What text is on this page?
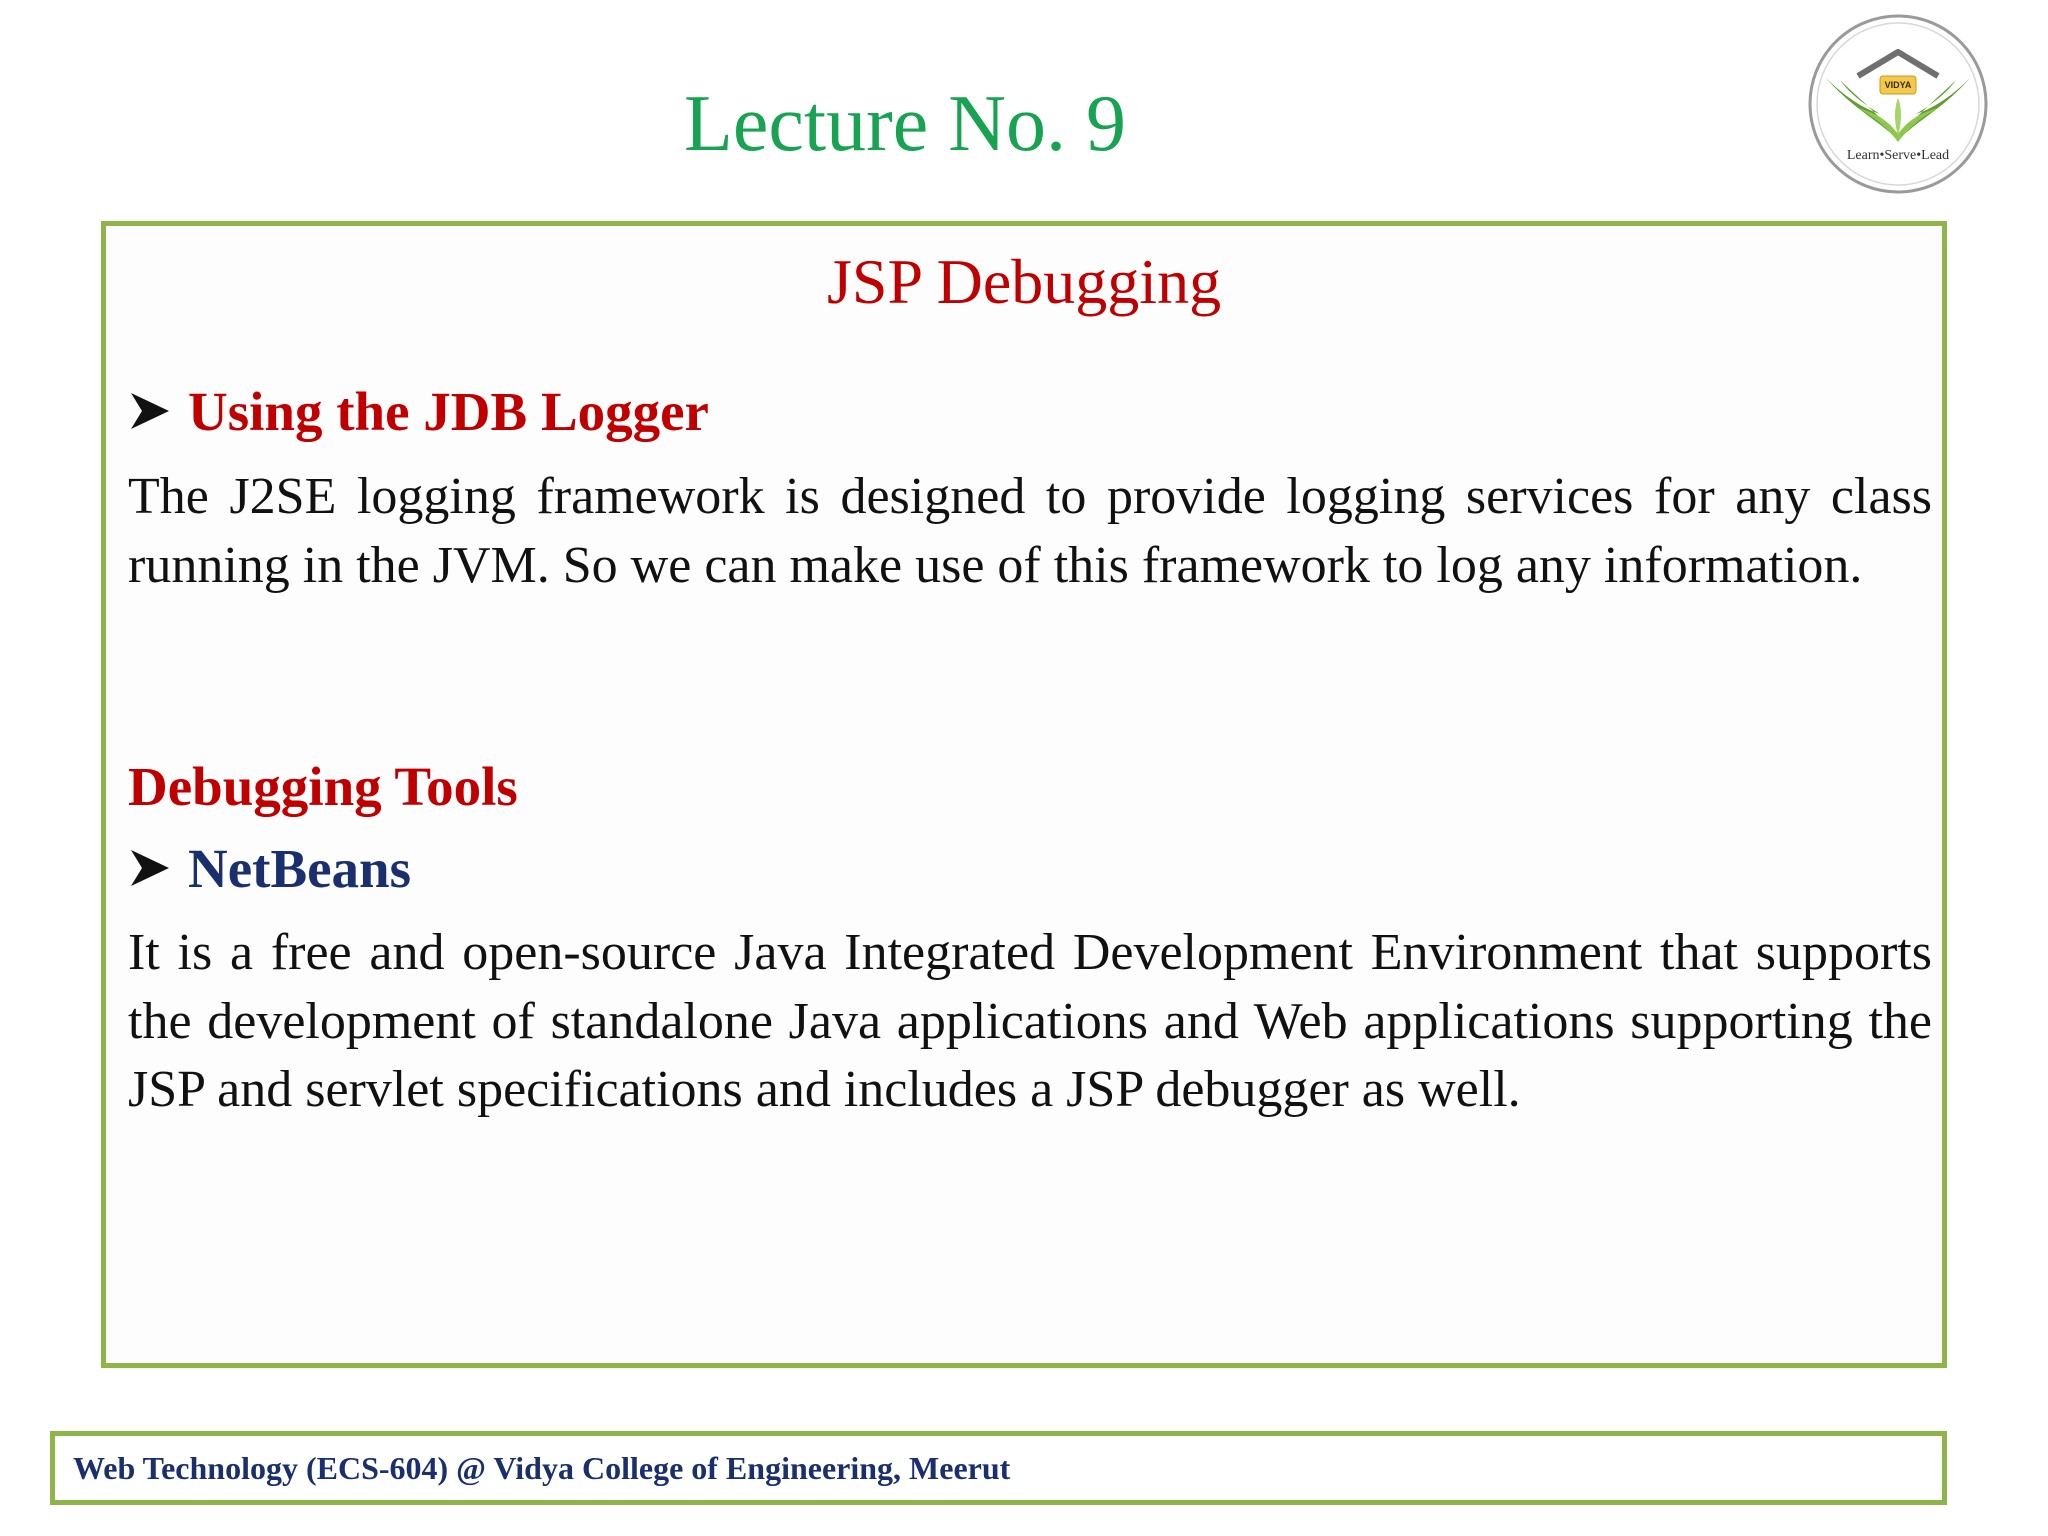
Lecture No. 9	VIDYA
Learn•Serve•Lead
JSP Debugging
Using the JDB Logger

The J2SE logging framework is designed to provide logging services for any class running in the JVM. So we can make use of this framework to log any information.

Debugging Tools
NetBeans

It is a free and open-source Java Integrated Development Environment that supports the development of standalone Java applications and Web applications supporting the JSP and servlet specifications and includes a JSP debugger as well.

Web Technology (ECS-604) @ Vidya College of Engineering, Meerut
